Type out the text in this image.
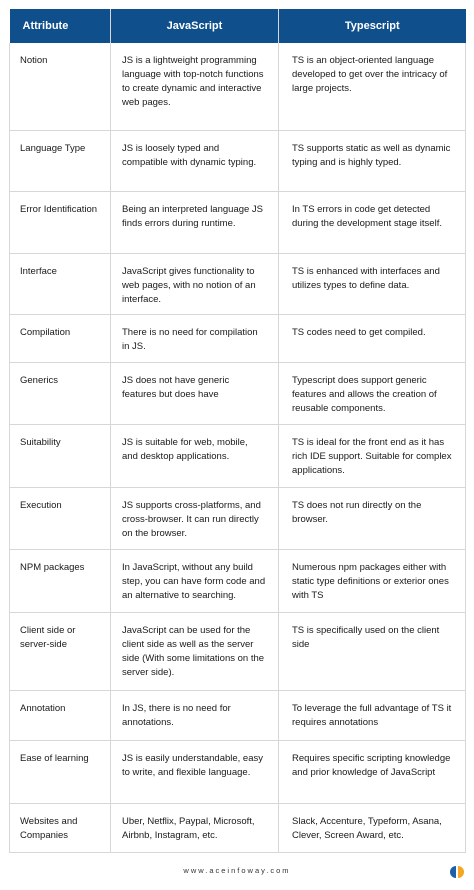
Attribute	JavaScript	Typescript
Notion	JS is a lightweight programming language with top-notch functions to create dynamic and interactive web pages.	TS is an object-oriented language developed to get over the intricacy of large projects.
Language Type	JS is loosely typed and compatible with dynamic typing.	TS supports static as well as dynamic typing and is highly typed.
Error Identification	Being an interpreted language JS finds errors during runtime.	In TS errors in code get detected during the development stage itself.
Interface	JavaScript gives functionality to web pages, with no notion of an interface.	TS is enhanced with interfaces and utilizes types to define data.
Compilation	There is no need for compilation in JS.	TS codes need to get compiled.
Generics	JS does not have generic features but does have	Typescript does support generic features and allows the creation of reusable components.
Suitability	JS is suitable for web, mobile, and desktop applications.	TS is ideal for the front end as it has rich IDE support. Suitable for complex applications.
Execution	JS supports cross-platforms, and cross-browser. It can run directly on the browser.	TS does not run directly on the browser.
NPM packages	In JavaScript, without any build step, you can have form code and an alternative to searching.	Numerous npm packages either with static type definitions or exterior ones with TS
Client side or server-side	JavaScript can be used for the client side as well as the server side (With some limitations on the server side).	TS is specifically used on the client side
Annotation	In JS, there is no need for annotations.	To leverage the full advantage of TS it requires annotations
Ease of learning	JS is easily understandable, easy to write, and flexible language.	Requires specific scripting knowledge and prior knowledge of JavaScript
Websites and Companies	Uber, Netflix, Paypal, Microsoft, Airbnb, Instagram, etc.	Slack, Accenture, Typeform, Asana, Clever, Screen Award, etc.
www.aceinfoway.com
